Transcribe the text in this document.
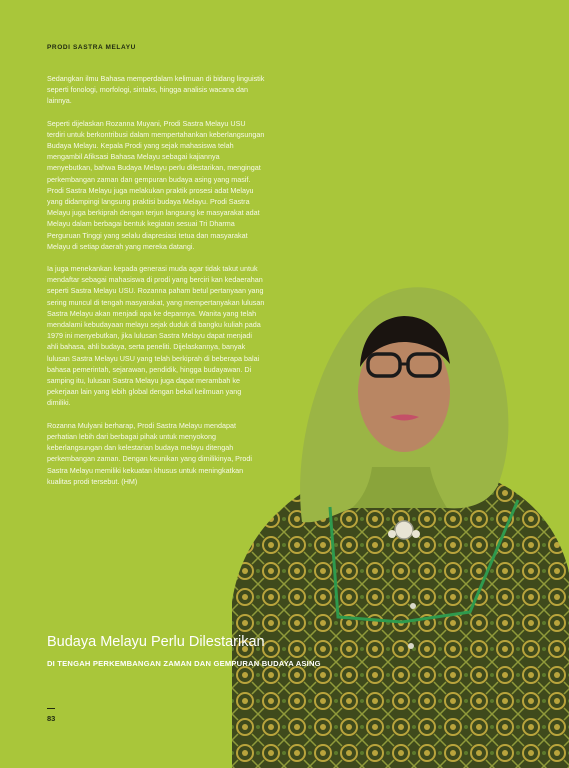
PRODI SASTRA MELAYU

Sedangkan ilmu Bahasa memperdalam kelimuan di bidang linguistik seperti fonologi, morfologi, sintaks, hingga analisis wacana dan lainnya.

Seperti dijelaskan Rozanna Muyani, Prodi Sastra Melayu USU terdiri untuk berkontribusi dalam mempertahankan keberlangsungan Budaya Melayu. Kepala Prodi yang sejak mahasiswa telah mengambil Afiksasi Bahasa Melayu sebagai kajiannya menyebutkan, bahwa Budaya Melayu perlu dilestarikan, mengingat perkembangan zaman dan gempuran budaya asing yang masif. Prodi Sastra Melayu juga melakukan praktik prosesi adat Melayu yang didampingi langsung praktisi budaya Melayu. Prodi Sastra Melayu juga berkiprah dengan terjun langsung ke masyarakat adat Melayu dalam berbagai bentuk kegiatan sesuai Tri Dharma Perguruan Tinggi yang selalu diapresiasi tetua dan masyarakat Melayu di setiap daerah yang mereka datangi.

Ia juga menekankan kepada generasi muda agar tidak takut untuk mendaftar sebagai mahasiswa di prodi yang berciri kan kedaerahan seperti Sastra Melayu USU. Rozanna paham betul pertanyaan yang sering muncul di tengah masyarakat, yang mempertanyakan lulusan Sastra Melayu akan menjadi apa ke depannya. Wanita yang telah mendalami kebudayaan melayu sejak duduk di bangku kuliah pada 1979 ini menyebutkan, jika lulusan Sastra Melayu dapat menjadi ahli bahasa, ahli budaya, serta peneliti. Dijelaskannya, banyak lulusan Sastra Melayu USU yang telah berkiprah di beberapa balai bahasa pemerintah, sejarawan, pendidik, hingga budayawan. Di samping itu, lulusan Sastra Melayu juga dapat merambah ke pekerjaan lain yang lebih global dengan bekal keilmuan yang dimiliki.

Rozanna Mulyani berharap, Prodi Sastra Melayu mendapat perhatian lebih dari berbagai pihak untuk menyokong keberlangsungan dan kelestarian budaya melayu ditengah perkembangan zaman. Dengan keunikan yang dimilikinya, Prodi Sastra Melayu memiliki kekuatan khusus untuk meningkatkan kualitas prodi tersebut. (HM)

Budaya Melayu Perlu Dilestarikan
DI TENGAH PERKEMBANGAN ZAMAN DAN GEMPURAN BUDAYA ASING
83
